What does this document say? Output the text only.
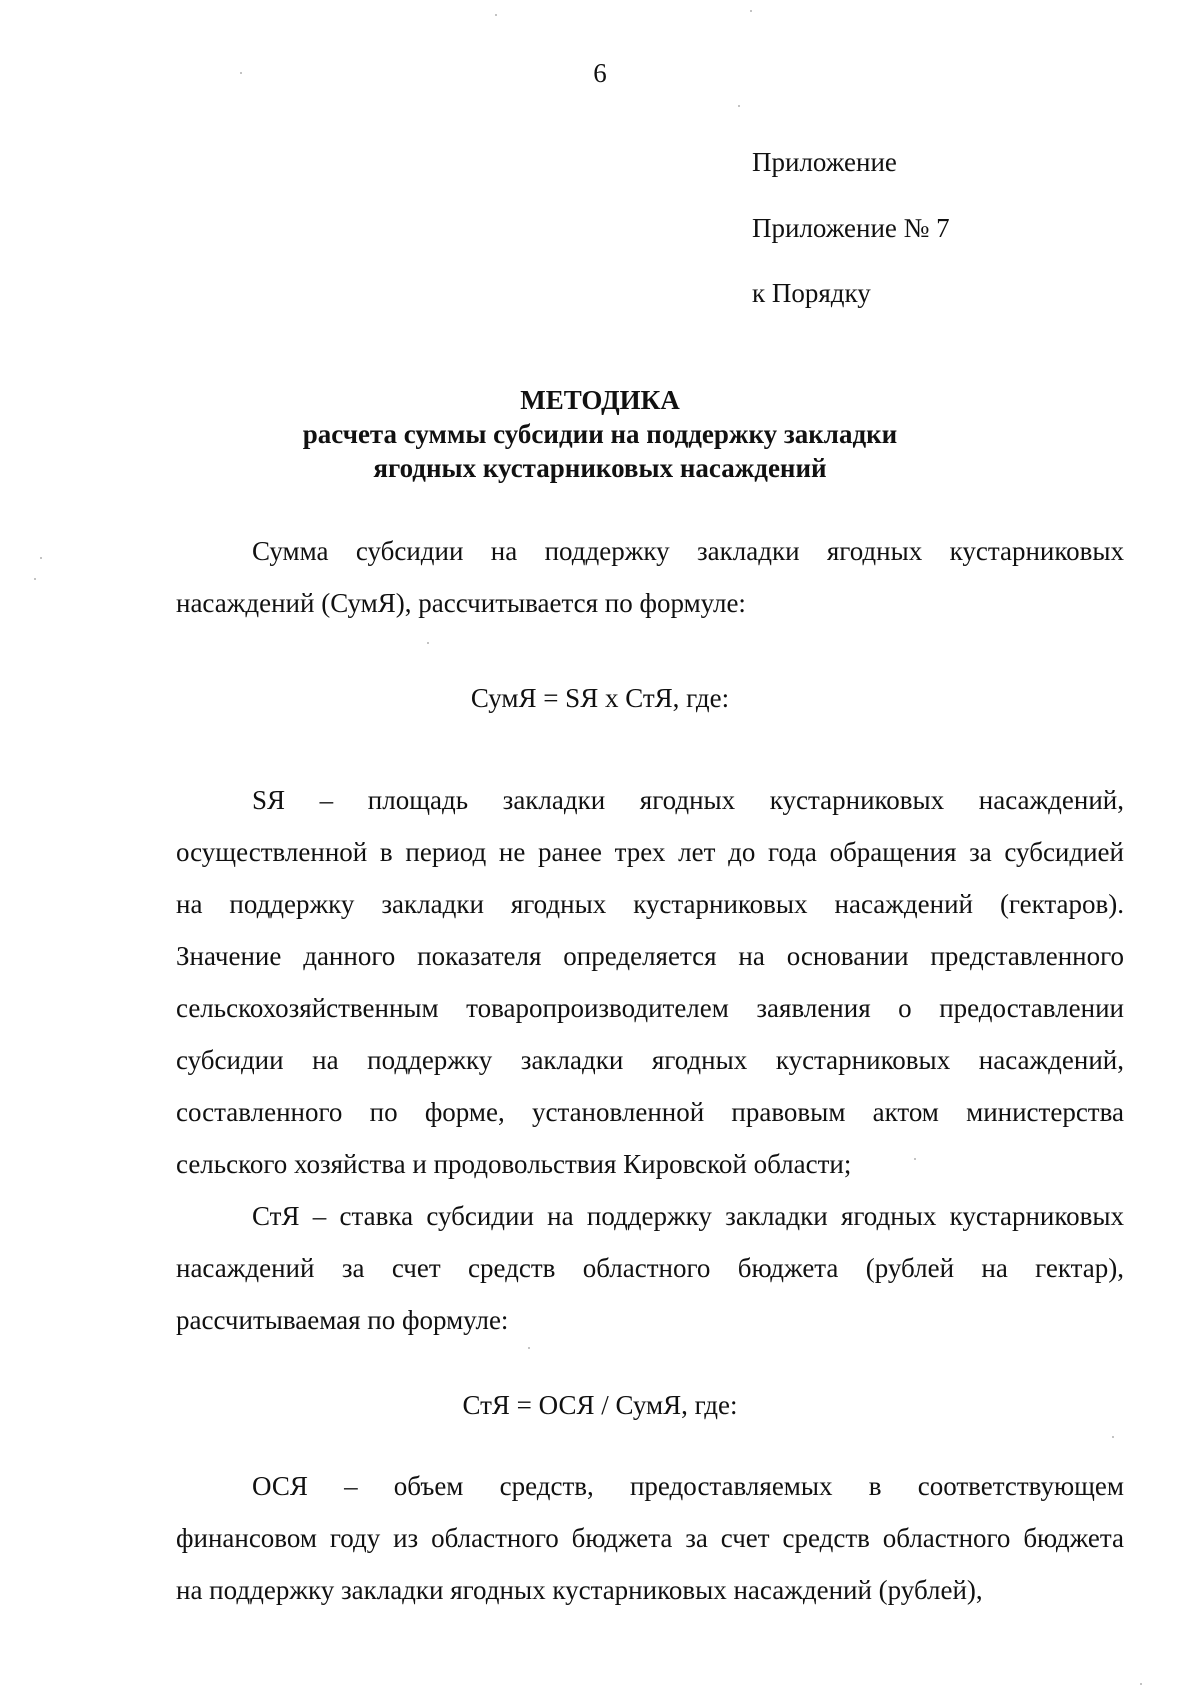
6
Приложение
Приложение № 7
к Порядку
МЕТОДИКА
расчета суммы субсидии на поддержку закладки
ягодных кустарниковых насаждений
Сумма субсидии на поддержку закладки ягодных кустарниковых
насаждений (СумЯ), рассчитывается по формуле:
СумЯ = SЯ х СтЯ, где:
SЯ – площадь закладки ягодных кустарниковых насаждений,
осуществленной в период не ранее трех лет до года обращения за субсидией
на поддержку закладки ягодных кустарниковых насаждений (гектаров).
Значение данного показателя определяется на основании представленного
сельскохозяйственным товаропроизводителем заявления о предоставлении
субсидии на поддержку закладки ягодных кустарниковых насаждений,
составленного по форме, установленной правовым актом министерства
сельского хозяйства и продовольствия Кировской области;
СтЯ – ставка субсидии на поддержку закладки ягодных кустарниковых
насаждений за счет средств областного бюджета (рублей на гектар),
рассчитываемая по формуле:
СтЯ = ОСЯ / СумЯ, где:
ОСЯ – объем средств, предоставляемых в соответствующем
финансовом году из областного бюджета за счет средств областного бюджета
на поддержку закладки ягодных кустарниковых насаждений (рублей),
